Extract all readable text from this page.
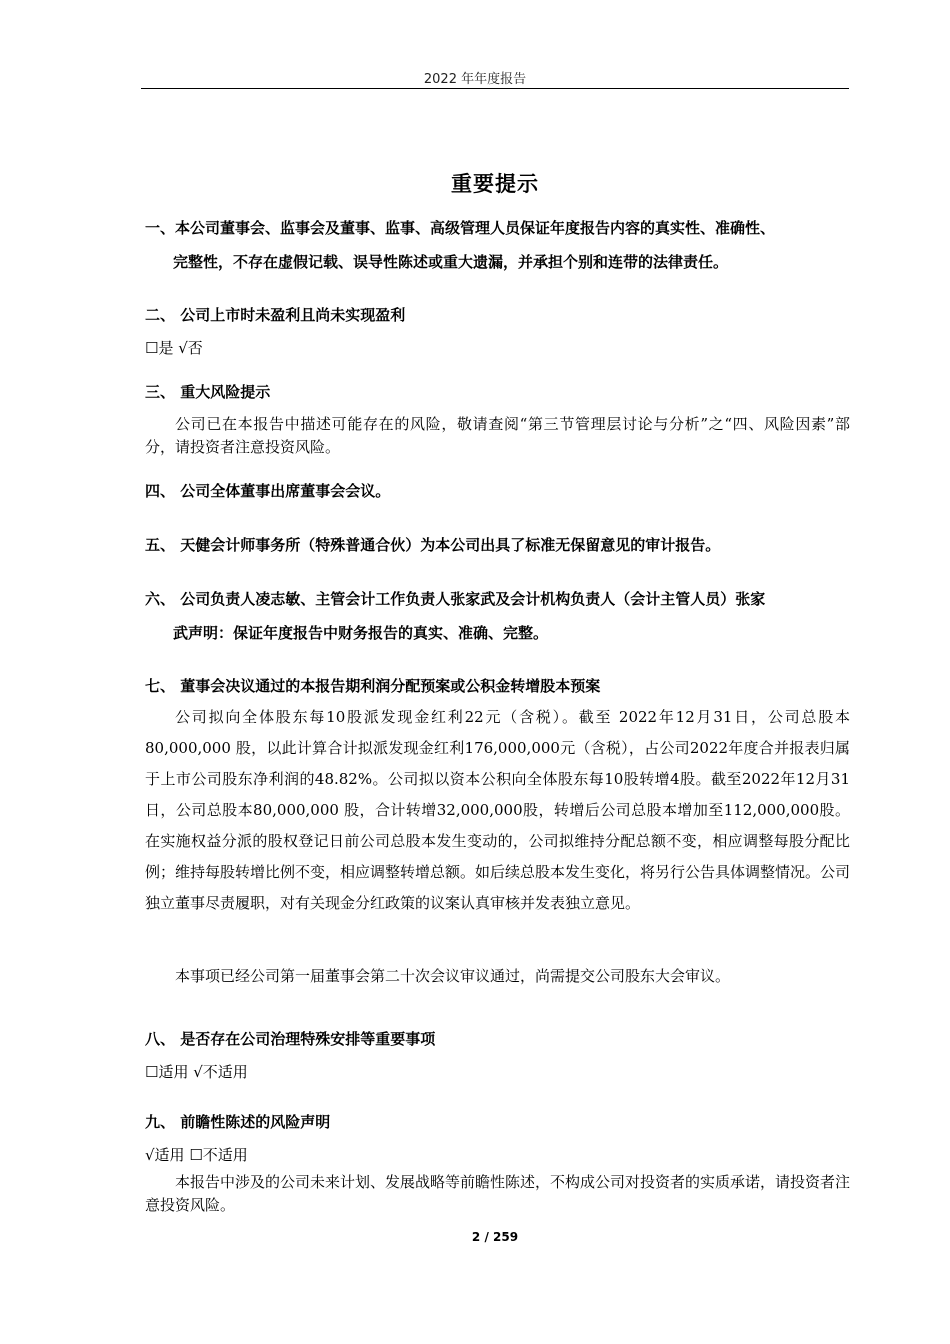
2022 年年度报告
重要提示
一、本公司董事会、监事会及董事、监事、高级管理人员保证年度报告内容的真实性、准确性、
完整性，不存在虚假记载、误导性陈述或重大遗漏，并承担个别和连带的法律责任。
二、 公司上市时未盈利且尚未实现盈利
☐是 √否
三、 重大风险提示
公司已在本报告中描述可能存在的风险，敬请查阅“第三节管理层讨论与分析”之“四、风险因素”部分，请投资者注意投资风险。
四、 公司全体董事出席董事会会议。
五、 天健会计师事务所（特殊普通合伙）为本公司出具了标准无保留意见的审计报告。
六、 公司负责人凌志敏、主管会计工作负责人张家武及会计机构负责人（会计主管人员）张家
武声明：保证年度报告中财务报告的真实、准确、完整。
七、 董事会决议通过的本报告期利润分配预案或公积金转增股本预案
公司拟向全体股东每10股派发现金红利22元（含税）。截至 2022年12月31日，公司总股本80,000,000 股，以此计算合计拟派发现金红利176,000,000元（含税），占公司2022年度合并报表归属于上市公司股东净利润的48.82%。公司拟以资本公积向全体股东每10股转增4股。截至2022年12月31日，公司总股本80,000,000 股，合计转增32,000,000股，转增后公司总股本增加至112,000,000股。在实施权益分派的股权登记日前公司总股本发生变动的，公司拟维持分配总额不变，相应调整每股分配比例；维持每股转增比例不变，相应调整转增总额。如后续总股本发生变化，将另行公告具体调整情况。公司独立董事尽责履职，对有关现金分红政策的议案认真审核并发表独立意见。
本事项已经公司第一届董事会第二十次会议审议通过，尚需提交公司股东大会审议。
八、 是否存在公司治理特殊安排等重要事项
☐适用 √不适用
九、 前瞻性陈述的风险声明
√适用 ☐不适用
本报告中涉及的公司未来计划、发展战略等前瞻性陈述，不构成公司对投资者的实质承诺，请投资者注意投资风险。
2 / 259
